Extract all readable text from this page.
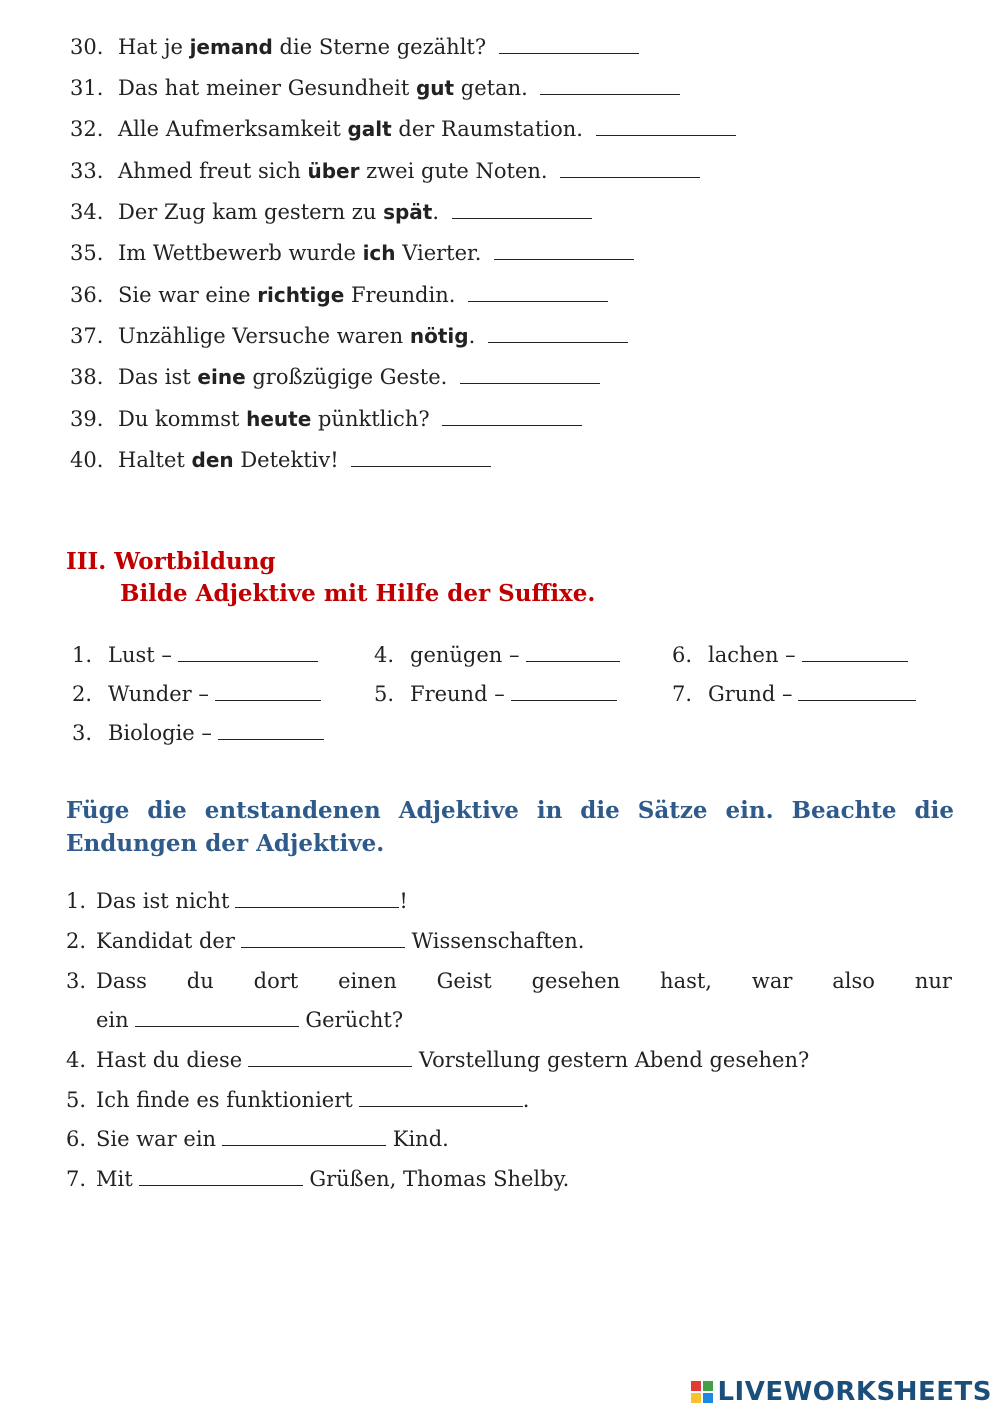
30. Hat je jemand die Sterne gezählt?
31. Das hat meiner Gesundheit gut getan.
32. Alle Aufmerksamkeit galt der Raumstation.
33. Ahmed freut sich über zwei gute Noten.
34. Der Zug kam gestern zu spät.
35. Im Wettbewerb wurde ich Vierter.
36. Sie war eine richtige Freundin.
37. Unzählige Versuche waren nötig.
38. Das ist eine großzügige Geste.
39. Du kommst heute pünktlich?
40. Haltet den Detektiv!
III. Wortbildung
Bilde Adjektive mit Hilfe der Suffixe.
1. Lust –	4. genügen –	6. lachen –
2. Wunder –	5. Freund –	7. Grund –
3. Biologie –
Füge die entstandenen Adjektive in die Sätze ein. Beachte die Endungen der Adjektive.
1. Das ist nicht	!
2. Kandidat der	Wissenschaften.
3. Dass du dort einen Geist gesehen hast, war also nur
ein	Gerücht?
4. Hast du diese	Vorstellung gestern Abend gesehen?
5. Ich finde es funktioniert	.
6. Sie war ein	Kind.
7. Mit	Grüßen, Thomas Shelby.
LIVEWORKSHEETS
